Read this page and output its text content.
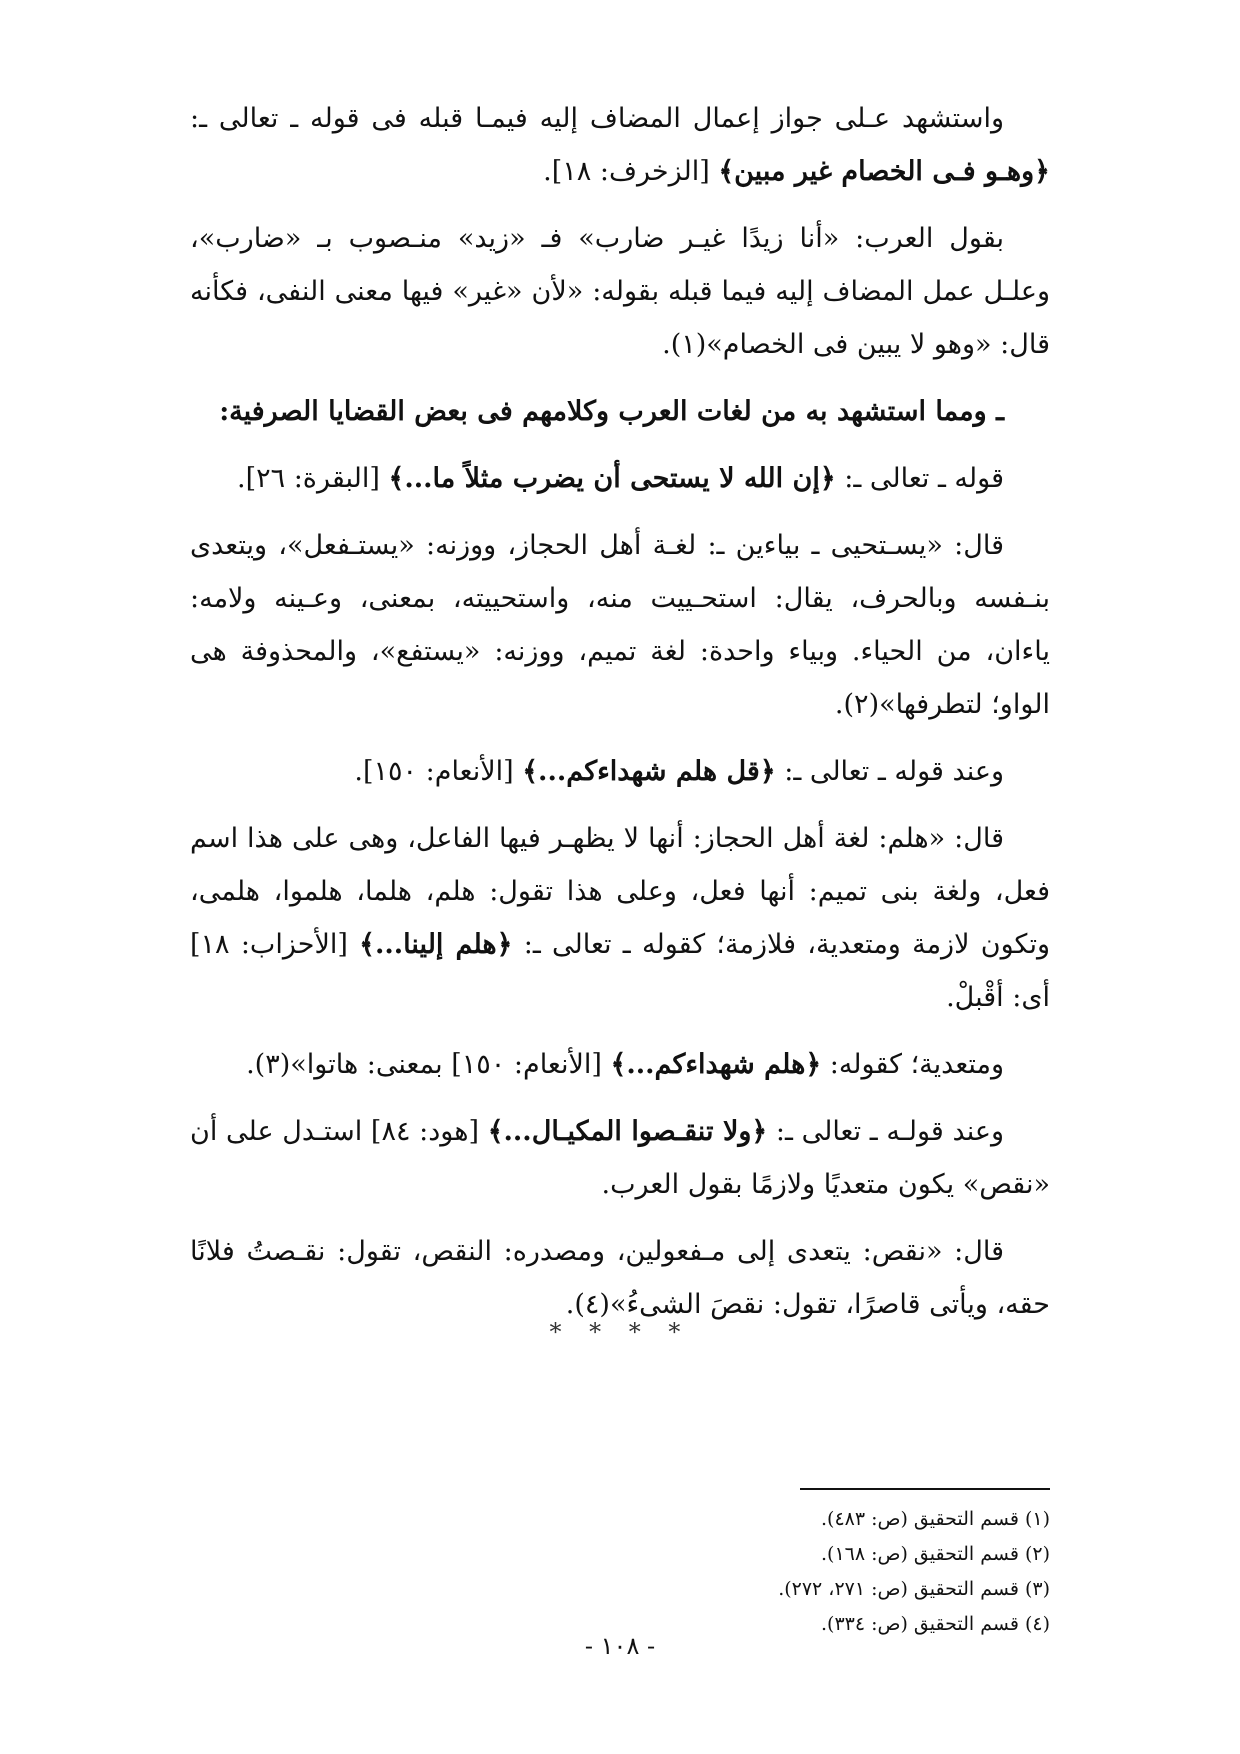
واستشهد عـلى جواز إعمال المضاف إليه فيمـا قبله فى قوله ـ تعالى ـ: ﴿وهـو فـى الخصام غير مبين﴾ [الزخرف: ١٨].

بقول العرب: «أنا زيدًا غيـر ضارب» فـ «زيد» منـصوب بـ «ضارب»، وعلـل عمل المضاف إليه فيما قبله بقوله: «لأن «غير» فيها معنى النفى، فكأنه قال: «وهو لا يبين فى الخصام»(١).

ـ ومما استشهد به من لغات العرب وكلامهم فى بعض القضايا الصرفية:

قوله ـ تعالى ـ: ﴿إن الله لا يستحى أن يضرب مثلاً ما...﴾ [البقرة: ٢٦].

قال: «يسـتحيى ـ بياءين ـ: لغـة أهل الحجاز، ووزنه: «يستـفعل»، ويتعدى بنـفسه وبالحرف، يقال: استحـييت منه، واستحييته، بمعنى، وعـينه ولامه: ياءان، من الحياء. وبياء واحدة: لغة تميم، ووزنه: «يستفع»، والمحذوفة هى الواو؛ لتطرفها»(٢).

وعند قوله ـ تعالى ـ: ﴿قل هلم شهداءكم...﴾ [الأنعام: ١٥٠].

قال: «هلم: لغة أهل الحجاز: أنها لا يظهـر فيها الفاعل، وهى على هذا اسم فعل، ولغة بنى تميم: أنها فعل، وعلى هذا تقول: هلم، هلما، هلموا، هلمى، وتكون لازمة ومتعدية، فلازمة؛ كقوله ـ تعالى ـ: ﴿هلم إلينا...﴾ [الأحزاب: ١٨] أى: أقْبلْ.

ومتعدية؛ كقوله: ﴿هلم شهداءكم...﴾ [الأنعام: ١٥٠] بمعنى: هاتوا»(٣).

وعند قولـه ـ تعالى ـ: ﴿ولا تنقـصوا المكيـال...﴾ [هود: ٨٤] استـدل على أن «نقص» يكون متعديًا ولازمًا بقول العرب.

قال: «نقص: يتعدى إلى مـفعولين، ومصدره: النقص، تقول: نقـصتُ فلانًا حقه، ويأتى قاصرًا، تقول: نقصَ الشىءُ»(٤).

* * * *

(١) قسم التحقيق (ص: ٤٨٣).

(٢) قسم التحقيق (ص: ١٦٨).

(٣) قسم التحقيق (ص: ٢٧١، ٢٧٢).

(٤) قسم التحقيق (ص: ٣٣٤).

- ١٠٨ -
